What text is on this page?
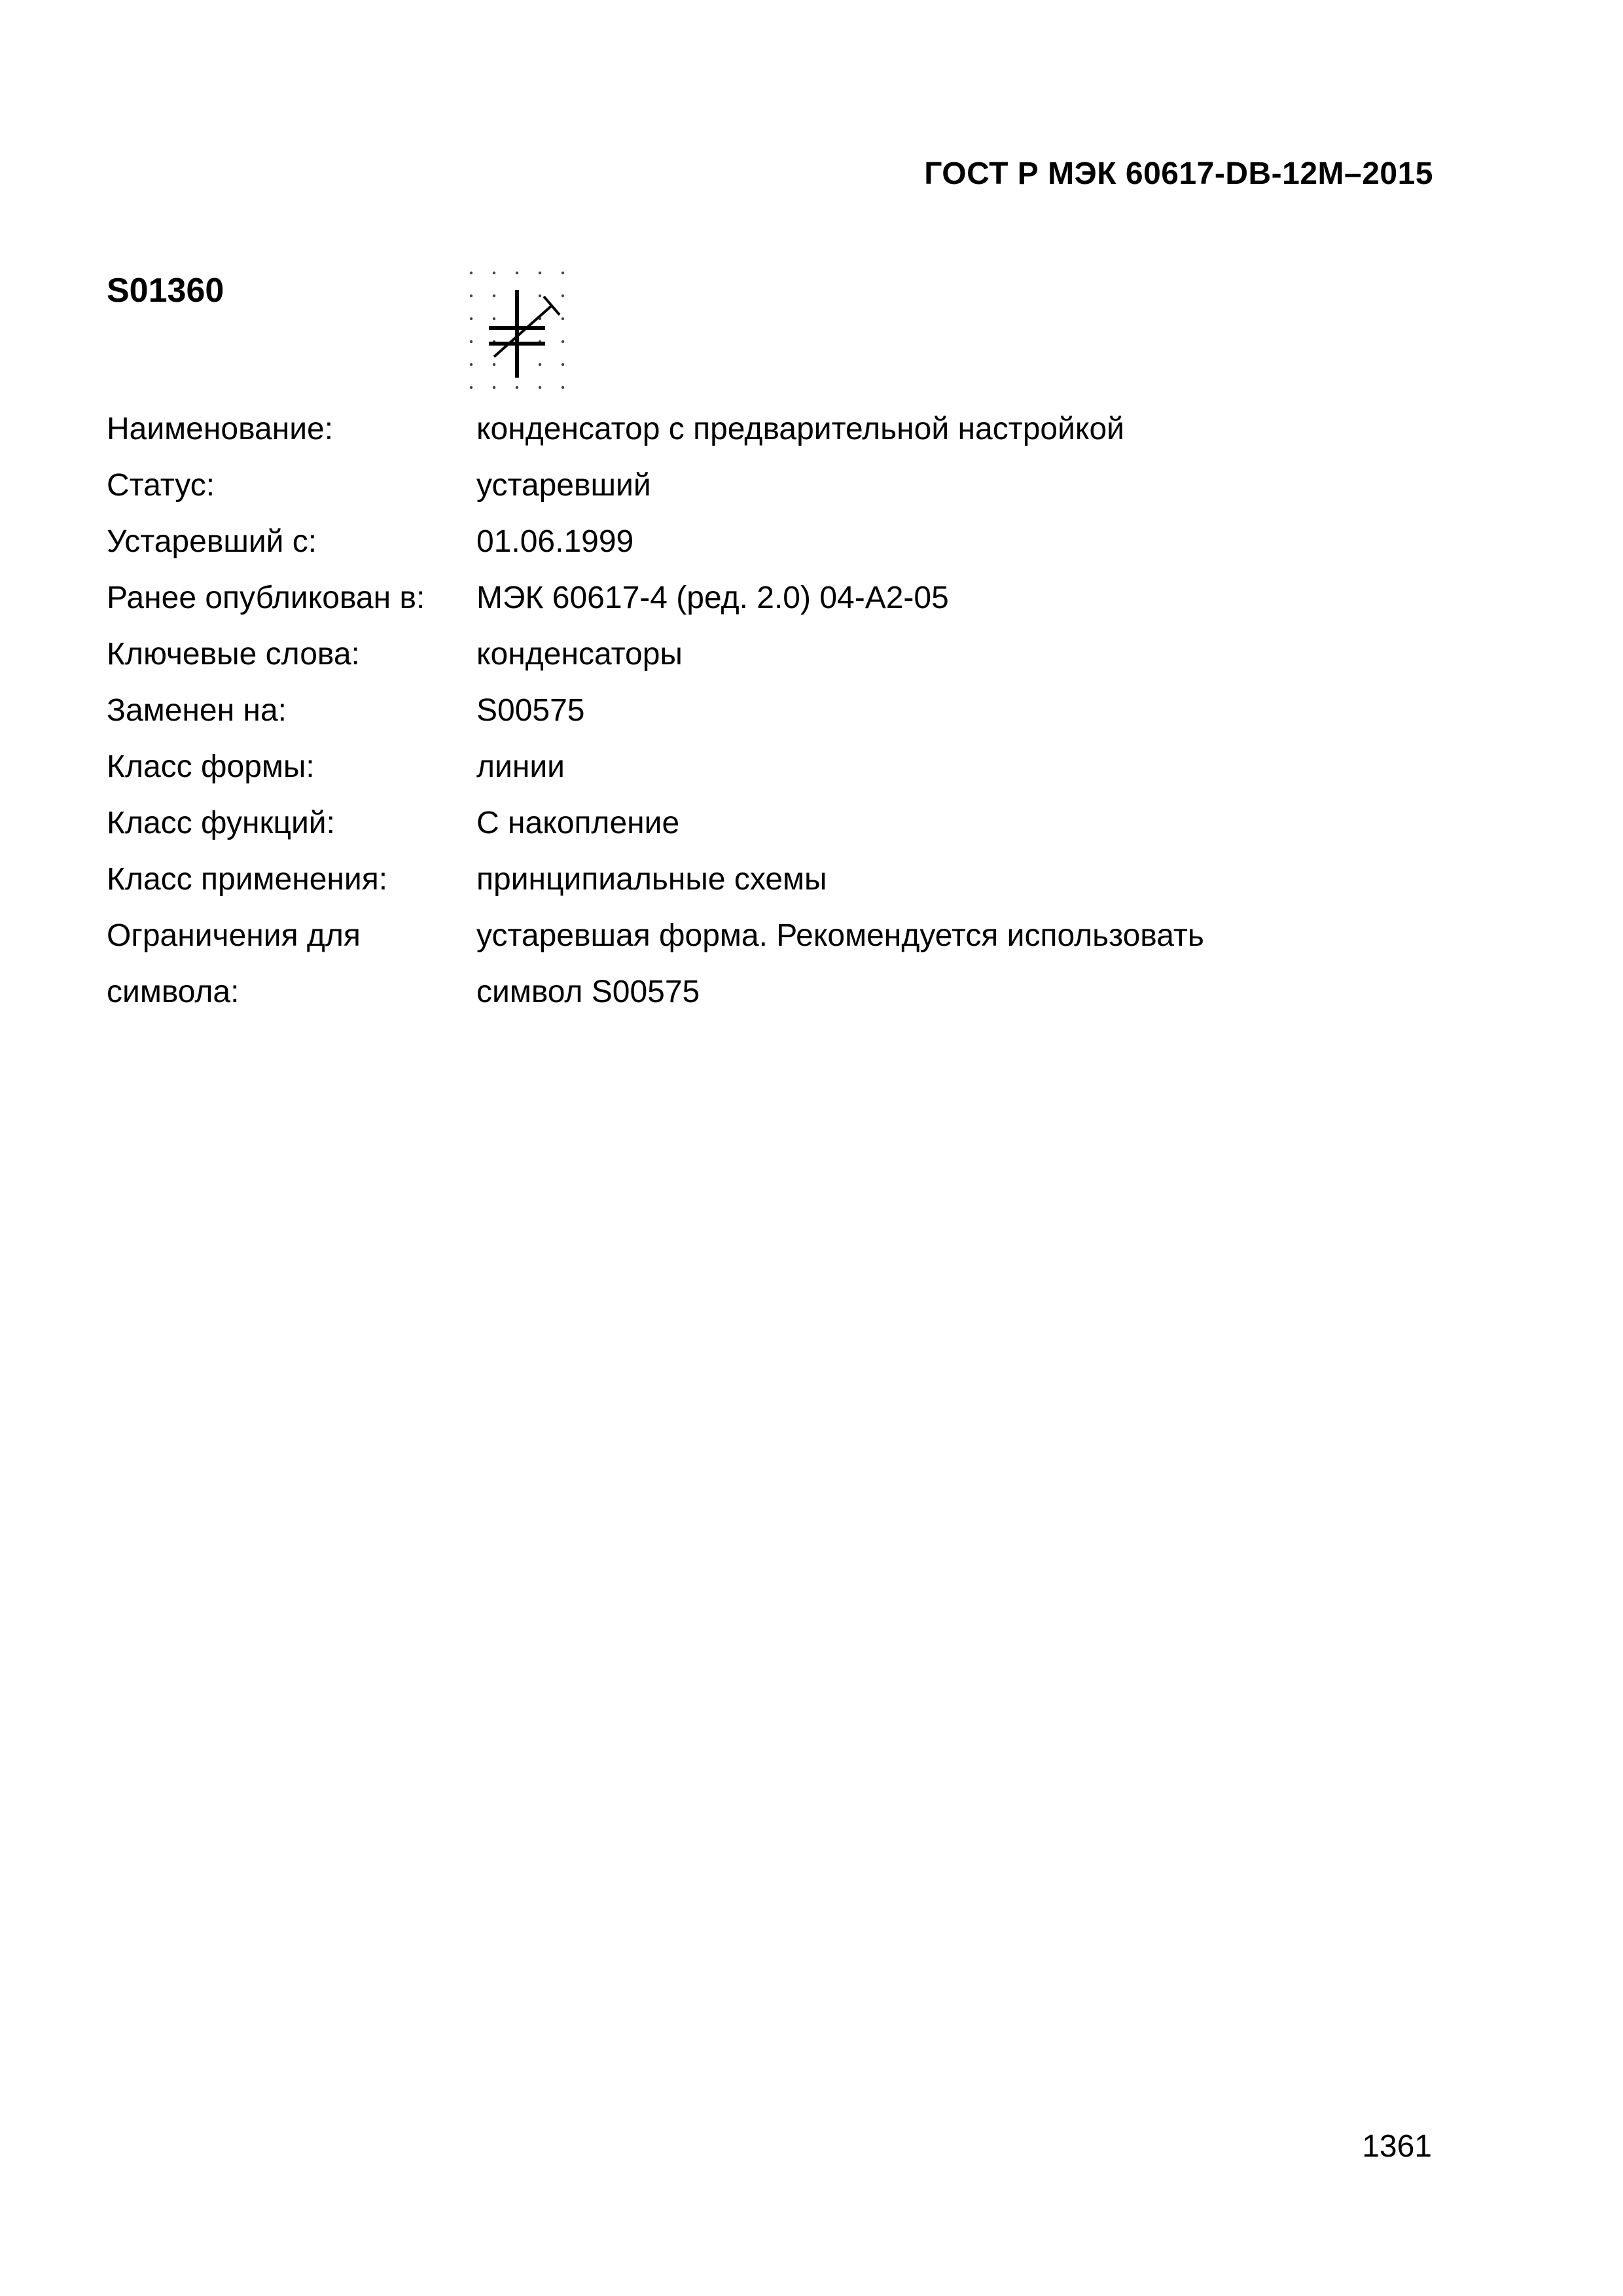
ГОСТ Р МЭК 60617-DB-12M–2015
S01360
Наименование:	конденсатор с предварительной настройкой
Статус:	устаревший
Устаревший с:	01.06.1999
Ранее опубликован в:	МЭК 60617-4 (ред. 2.0) 04-A2-05
Ключевые слова:	конденсаторы
Заменен на:	S00575
Класс формы:	линии
Класс функций:	С накопление
Класс применения:	принципиальные схемы
Ограничения для	устаревшая форма. Рекомендуется использовать
символа:	символ S00575
1361
